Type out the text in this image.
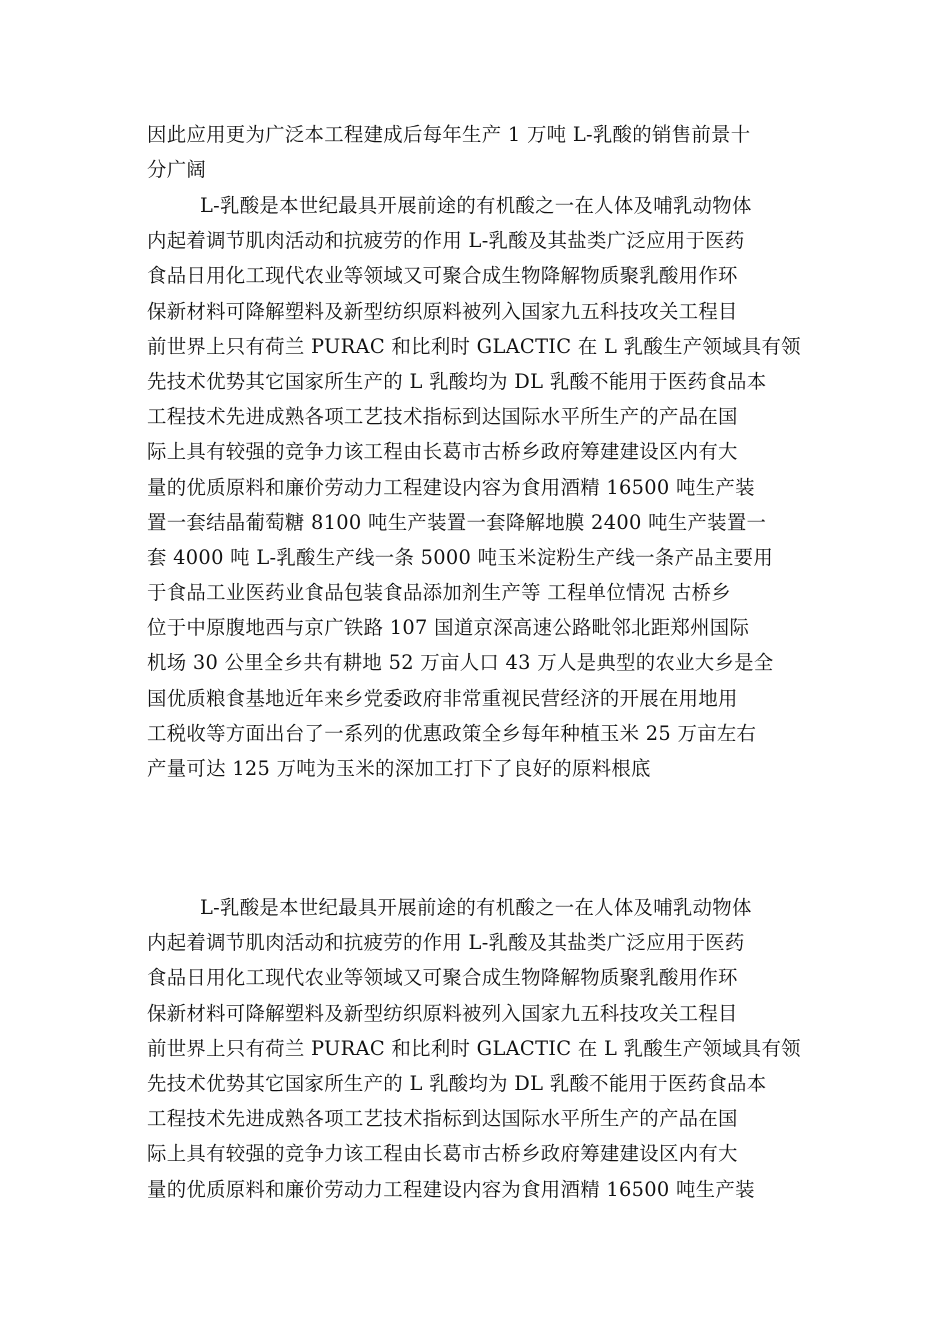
因此应用更为广泛本工程建成后每年生产 1 万吨 L-乳酸的销售前景十
分广阔

L-乳酸是本世纪最具开展前途的有机酸之一在人体及哺乳动物体
内起着调节肌肉活动和抗疲劳的作用 L-乳酸及其盐类广泛应用于医药
食品日用化工现代农业等领域又可聚合成生物降解物质聚乳酸用作环
保新材料可降解塑料及新型纺织原料被列入国家九五科技攻关工程目
前世界上只有荷兰 PURAC 和比利时 GLACTIC 在 L 乳酸生产领域具有领
先技术优势其它国家所生产的 L 乳酸均为 DL 乳酸不能用于医药食品本
工程技术先进成熟各项工艺技术指标到达国际水平所生产的产品在国
际上具有较强的竞争力该工程由长葛市古桥乡政府筹建建设区内有大
量的优质原料和廉价劳动力工程建设内容为食用酒精 16500 吨生产装
置一套结晶葡萄糖 8100 吨生产装置一套降解地膜 2400 吨生产装置一
套 4000 吨 L-乳酸生产线一条 5000 吨玉米淀粉生产线一条产品主要用
于食品工业医药业食品包装食品添加剂生产等 工程单位情况 古桥乡
位于中原腹地西与京广铁路 107 国道京深高速公路毗邻北距郑州国际
机场 30 公里全乡共有耕地 52 万亩人口 43 万人是典型的农业大乡是全
国优质粮食基地近年来乡党委政府非常重视民营经济的开展在用地用
工税收等方面出台了一系列的优惠政策全乡每年种植玉米 25 万亩左右
产量可达 125 万吨为玉米的深加工打下了良好的原料根底

L-乳酸是本世纪最具开展前途的有机酸之一在人体及哺乳动物体
内起着调节肌肉活动和抗疲劳的作用 L-乳酸及其盐类广泛应用于医药
食品日用化工现代农业等领域又可聚合成生物降解物质聚乳酸用作环
保新材料可降解塑料及新型纺织原料被列入国家九五科技攻关工程目
前世界上只有荷兰 PURAC 和比利时 GLACTIC 在 L 乳酸生产领域具有领
先技术优势其它国家所生产的 L 乳酸均为 DL 乳酸不能用于医药食品本
工程技术先进成熟各项工艺技术指标到达国际水平所生产的产品在国
际上具有较强的竞争力该工程由长葛市古桥乡政府筹建建设区内有大
量的优质原料和廉价劳动力工程建设内容为食用酒精 16500 吨生产装
